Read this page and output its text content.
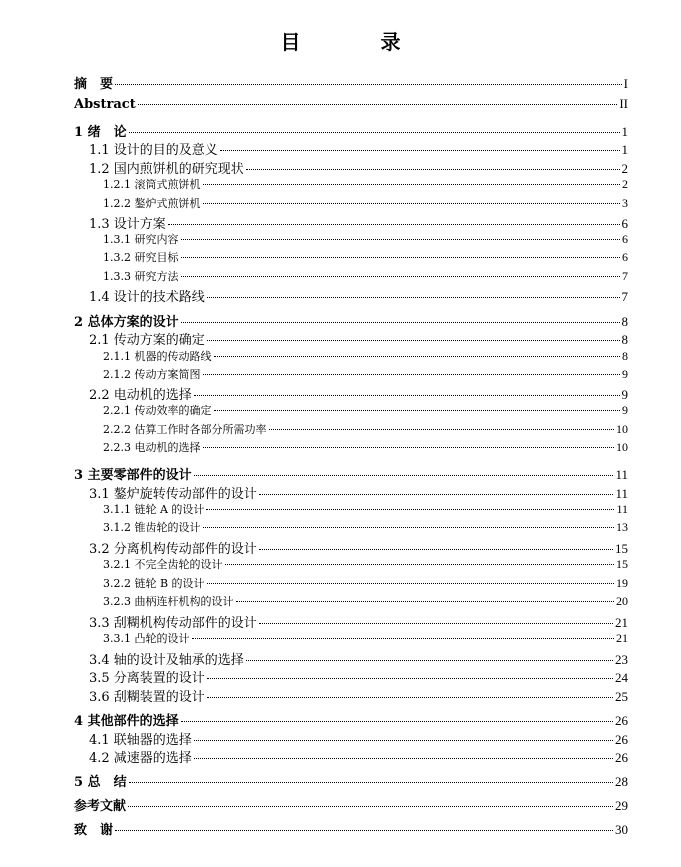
目　录
摘　要	I
Abstract	II
1 绪　论	1
1.1 设计的目的及意义	1
1.2 国内煎饼机的研究现状	2
1.2.1 滚筒式煎饼机	2
1.2.2 鏊炉式煎饼机	3
1.3 设计方案	6
1.3.1 研究内容	6
1.3.2 研究目标	6
1.3.3 研究方法	7
1.4 设计的技术路线	7
2 总体方案的设计	8
2.1 传动方案的确定	8
2.1.1 机器的传动路线	8
2.1.2 传动方案简图	9
2.2 电动机的选择	9
2.2.1 传动效率的确定	9
2.2.2 估算工作时各部分所需功率	10
2.2.3 电动机的选择	10
3 主要零部件的设计	11
3.1 鏊炉旋转传动部件的设计	11
3.1.1 链轮 A 的设计	11
3.1.2 锥齿轮的设计	13
3.2 分离机构传动部件的设计	15
3.2.1 不完全齿轮的设计	15
3.2.2 链轮 B 的设计	19
3.2.3 曲柄连杆机构的设计	20
3.3 刮糊机构传动部件的设计	21
3.3.1 凸轮的设计	21
3.4 轴的设计及轴承的选择	23
3.5 分离装置的设计	24
3.6 刮糊装置的设计	25
4 其他部件的选择	26
4.1 联轴器的选择	26
4.2 减速器的选择	26
5 总　结	28
参考文献	29
致　谢	30
